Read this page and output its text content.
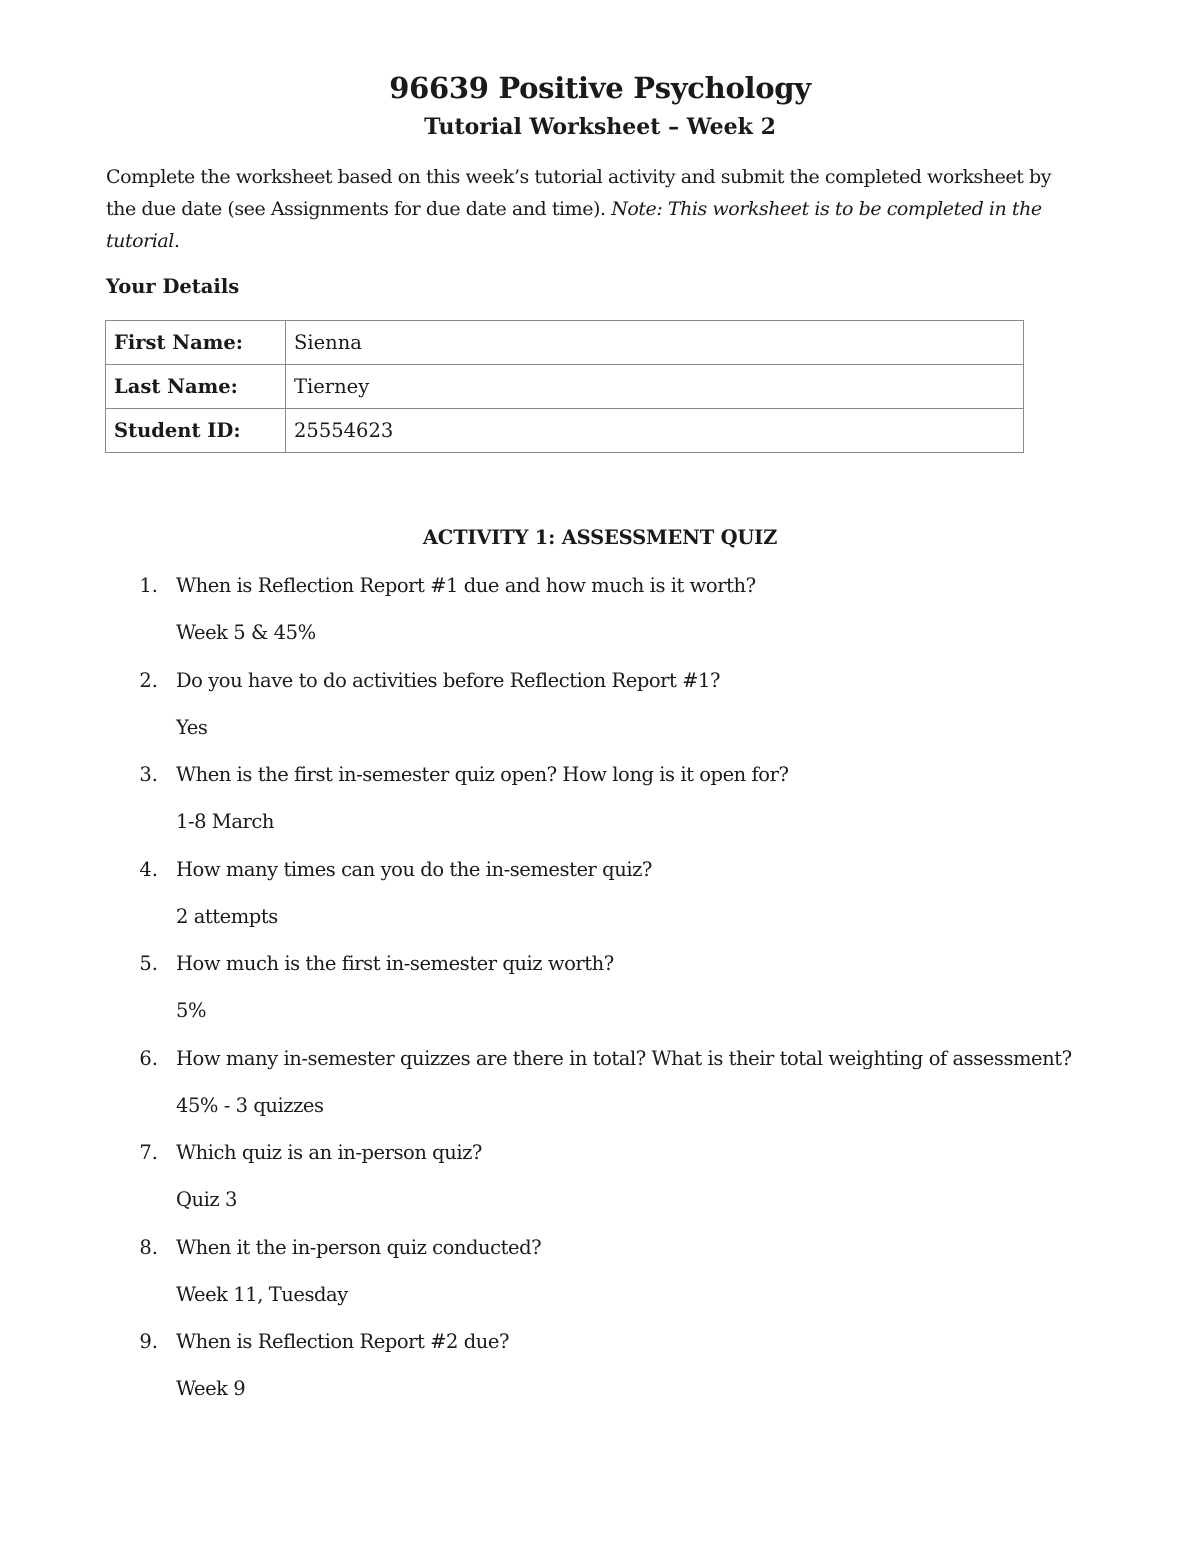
96639 Positive Psychology
Tutorial Worksheet – Week 2

Complete the worksheet based on this week’s tutorial activity and submit the completed worksheet by the due date (see Assignments for due date and time). Note: This worksheet is to be completed in the tutorial.

Your Details
First Name:	Sienna
Last Name:	Tierney
Student ID:	25554623
ACTIVITY 1: ASSESSMENT QUIZ
1. When is Reflection Report #1 due and how much is it worth?
Week 5 & 45%
2. Do you have to do activities before Reflection Report #1?
Yes
3. When is the first in-semester quiz open? How long is it open for?
1-8 March
4. How many times can you do the in-semester quiz?
2 attempts
5. How much is the first in-semester quiz worth?
5%
6. How many in-semester quizzes are there in total? What is their total weighting of assessment?
45% - 3 quizzes
7. Which quiz is an in-person quiz?
Quiz 3
8. When it the in-person quiz conducted?
Week 11, Tuesday
9. When is Reflection Report #2 due?
Week 9
